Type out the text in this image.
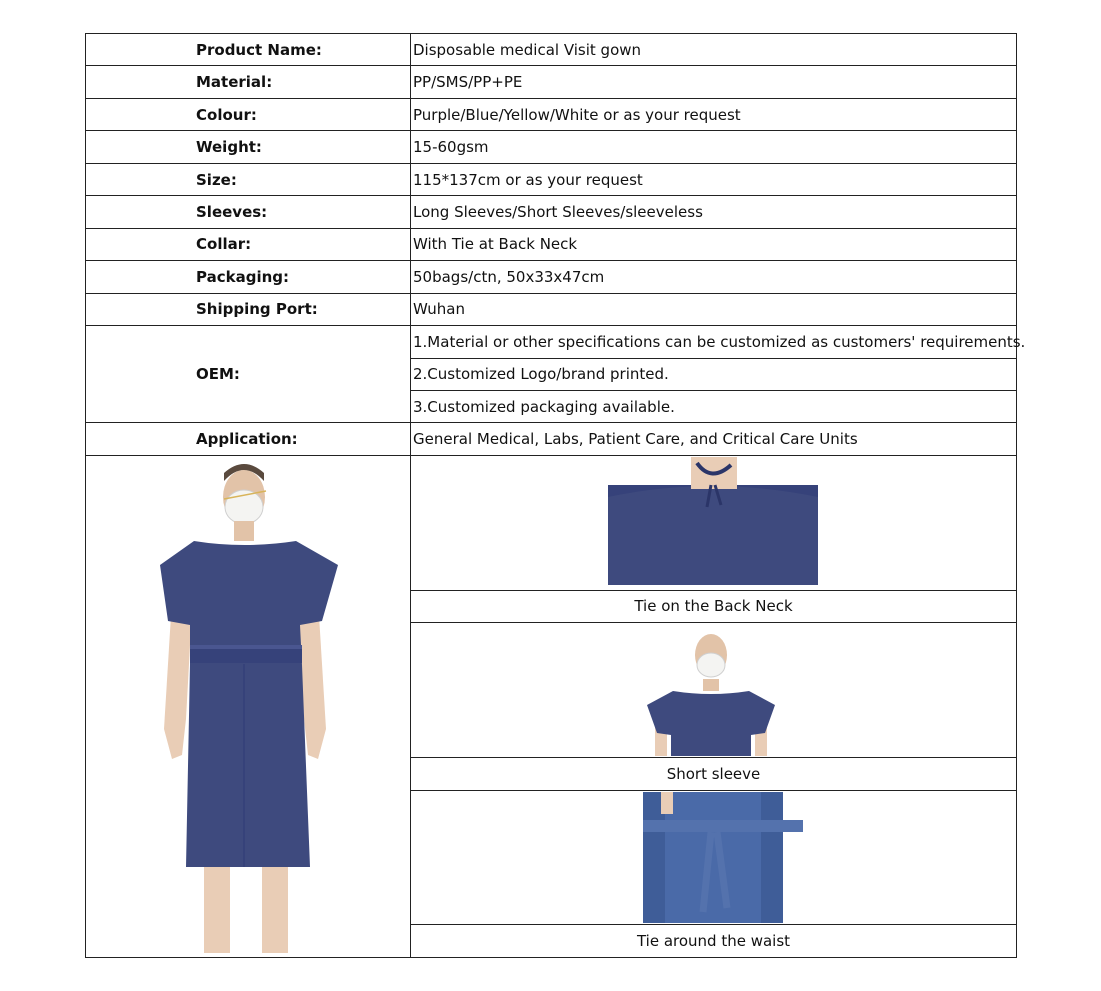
Product Name:	Disposable medical Visit gown
Material:	PP/SMS/PP+PE
Colour:	Purple/Blue/Yellow/White or as your request
Weight:	15-60gsm
Size:	115*137cm or as your request
Sleeves:	Long Sleeves/Short Sleeves/sleeveless
Collar:	With Tie at Back Neck
Packaging:	50bags/ctn, 50x33x47cm
Shipping Port:	Wuhan
OEM:	1.Material or other specifications can be customized as customers' requirements.
	2.Customized Logo/brand printed.
	3.Customized packaging available.
Application:	General Medical, Labs, Patient Care, and Critical Care Units

	Tie on the Back Neck

	Short sleeve

	Tie around the waist
